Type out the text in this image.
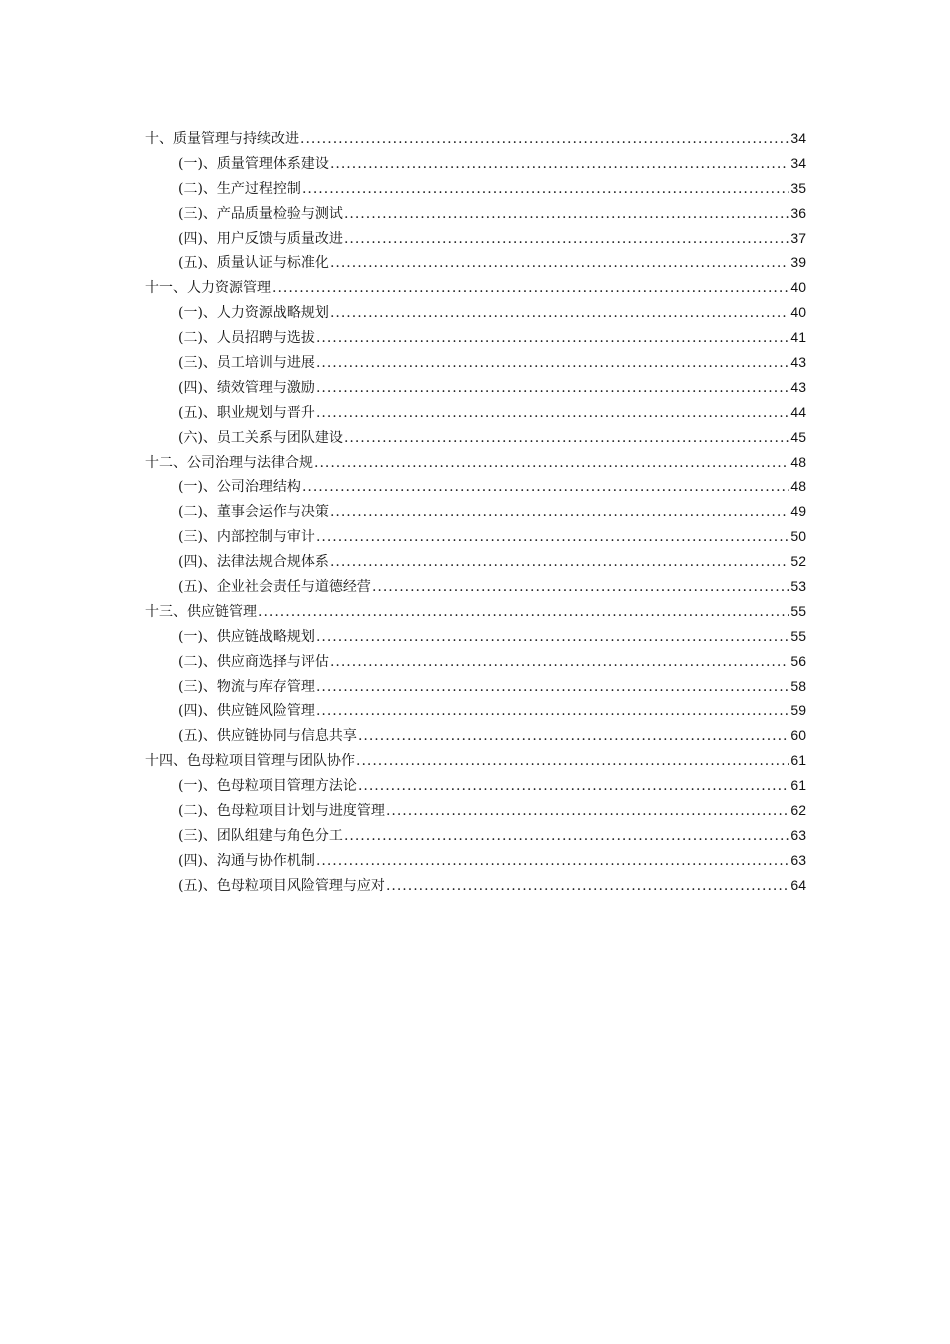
十、质量管理与持续改进 .....	34
(一)、质量管理体系建设 .....	34
(二)、生产过程控制 .....	35
(三)、产品质量检验与测试 .....	36
(四)、用户反馈与质量改进 .....	37
(五)、质量认证与标准化 .....	39
十一、人力资源管理 .....	40
(一)、人力资源战略规划 .....	40
(二)、人员招聘与选拔 .....	41
(三)、员工培训与进展 .....	43
(四)、绩效管理与激励 .....	43
(五)、职业规划与晋升 .....	44
(六)、员工关系与团队建设 .....	45
十二、公司治理与法律合规 .....	48
(一)、公司治理结构 .....	48
(二)、董事会运作与决策 .....	49
(三)、内部控制与审计 .....	50
(四)、法律法规合规体系 .....	52
(五)、企业社会责任与道德经营 .....	53
十三、供应链管理 .....	55
(一)、供应链战略规划 .....	55
(二)、供应商选择与评估 .....	56
(三)、物流与库存管理 .....	58
(四)、供应链风险管理 .....	59
(五)、供应链协同与信息共享 .....	60
十四、色母粒项目管理与团队协作 .....	61
(一)、色母粒项目管理方法论 .....	61
(二)、色母粒项目计划与进度管理 .....	62
(三)、团队组建与角色分工 .....	63
(四)、沟通与协作机制 .....	63
(五)、色母粒项目风险管理与应对 .....	64
